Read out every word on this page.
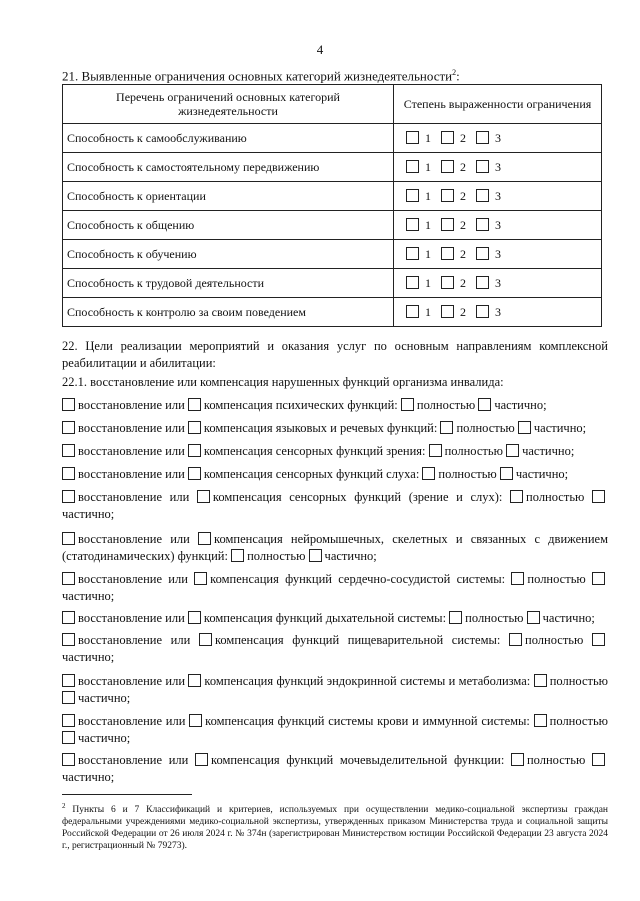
4
21. Выявленные ограничения основных категорий жизнедеятельности$^2$:
Перечень ограничений основных категорий жизнедеятельности	Степень выраженности ограничения
Способность к самообслуживанию	1 2 3
Способность к самостоятельному передвижению	1 2 3
Способность к ориентации	1 2 3
Способность к общению	1 2 3
Способность к обучению	1 2 3
Способность к трудовой деятельности	1 2 3
Способность к контролю за своим поведением	1 2 3
22. Цели реализации мероприятий и оказания услуг по основным направлениям комплексной реабилитации и абилитации:
22.1. восстановление или компенсация нарушенных функций организма инвалида:
восстановление или компенсация психических функций: полностью частично;
восстановление или компенсация языковых и речевых функций: полностью частично;
восстановление или компенсация сенсорных функций зрения: полностью частично;
восстановление или компенсация сенсорных функций слуха: полностью частично;
восстановление или компенсация сенсорных функций (зрение и слух): полностью частично;
восстановление или компенсация нейромышечных, скелетных и связанных с движением (статодинамических) функций: полностью частично;
восстановление или компенсация функций сердечно-сосудистой системы: полностью частично;
восстановление или компенсация функций дыхательной системы: полностью частично;
восстановление или компенсация функций пищеварительной системы: полностью частично;
восстановление или компенсация функций эндокринной системы и метаболизма: полностью частично;
восстановление или компенсация функций системы крови и иммунной системы: полностью частично;
восстановление или компенсация функций мочевыделительной функции: полностью частично;
$^2$ Пункты 6 и 7 Классификаций и критериев, используемых при осуществлении медико-социальной экспертизы граждан федеральными учреждениями медико-социальной экспертизы, утвержденных приказом Министерства труда и социальной защиты Российской Федерации от 26 июля 2024 г. № 374н (зарегистрирован Министерством юстиции Российской Федерации 23 августа 2024 г., регистрационный № 79273).
